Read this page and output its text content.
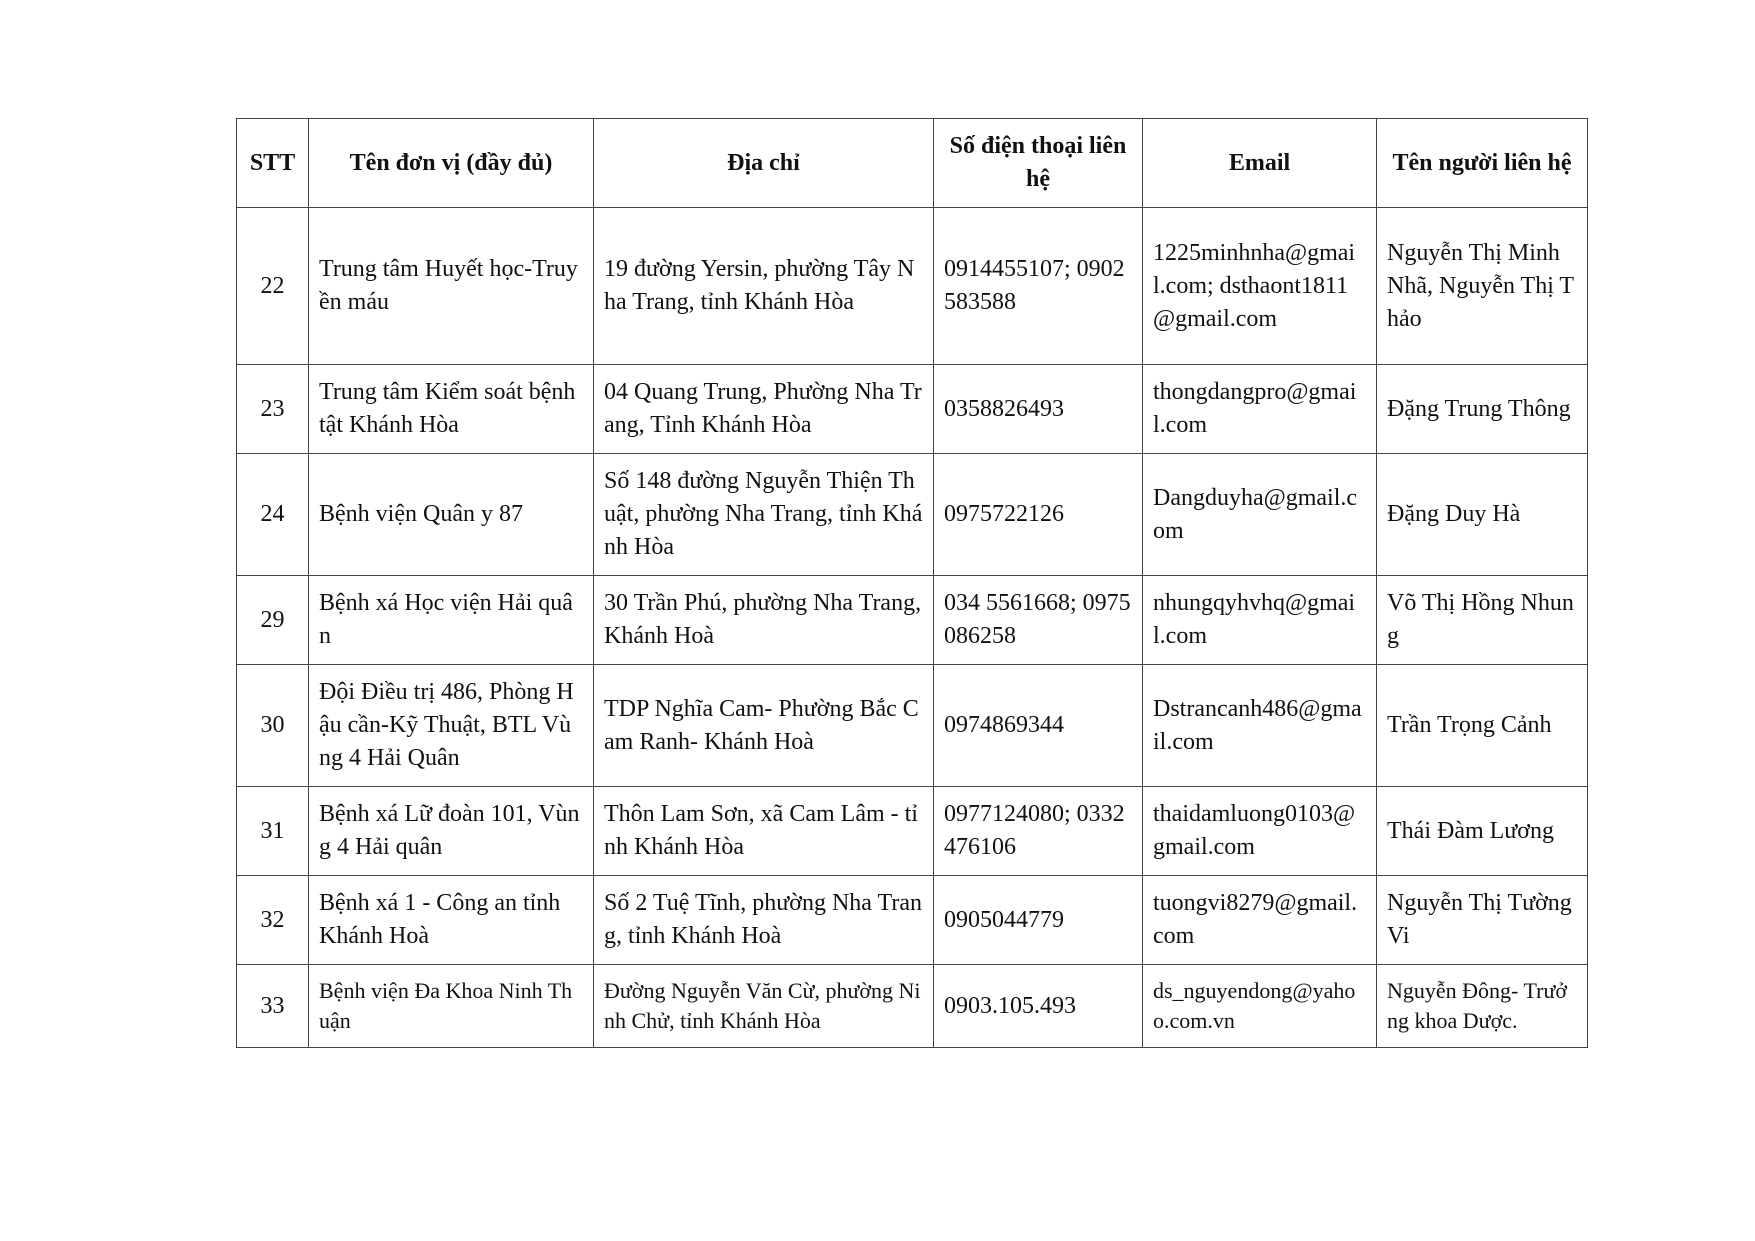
STT	Tên đơn vị (đầy đủ)	Địa chỉ	Số điện thoại liên hệ	Email	Tên người liên hệ
22	Trung tâm Huyết học-Truyền máu	19 đường Yersin, phường Tây Nha Trang, tỉnh Khánh Hòa	0914455107; 0902583588	1225minhnha@gmail.com; dsthaont1811@gmail.com	Nguyễn Thị Minh Nhã, Nguyễn Thị Thảo
23	Trung tâm Kiểm soát bệnh tật Khánh Hòa	04 Quang Trung, Phường Nha Trang, Tỉnh Khánh Hòa	0358826493	thongdangpro@gmail.com	Đặng Trung Thông
24	Bệnh viện Quân y 87	Số 148 đường Nguyễn Thiện Thuật, phường Nha Trang, tỉnh Khánh Hòa	0975722126	Dangduyha@gmail.com	Đặng Duy Hà
29	Bệnh xá Học viện Hải quân	30 Trần Phú, phường Nha Trang, Khánh Hoà	034 5561668; 0975086258	nhungqyhvhq@gmail.com	Võ Thị Hồng Nhung
30	Đội Điều trị 486, Phòng Hậu cần-Kỹ Thuật, BTL Vùng 4 Hải Quân	TDP Nghĩa Cam- Phường Bắc Cam Ranh- Khánh Hoà	0974869344	Dstrancanh486@gmail.com	Trần Trọng Cảnh
31	Bệnh xá Lữ đoàn 101, Vùng 4 Hải quân	Thôn Lam Sơn, xã Cam Lâm - tỉnh Khánh Hòa	0977124080; 0332476106	thaidamluong0103@gmail.com	Thái Đàm Lương
32	Bệnh xá 1 - Công an tỉnh Khánh Hoà	Số 2 Tuệ Tĩnh, phường Nha Trang, tỉnh Khánh Hoà	0905044779	tuongvi8279@gmail.com	Nguyễn Thị Tường Vi
33	Bệnh viện Đa Khoa Ninh Thuận	Đường Nguyễn Văn Cừ, phường Ninh Chử, tỉnh Khánh Hòa	0903.105.493	ds_nguyendong@yahoo.com.vn	Nguyễn Đông- Trưởng khoa Dược.
